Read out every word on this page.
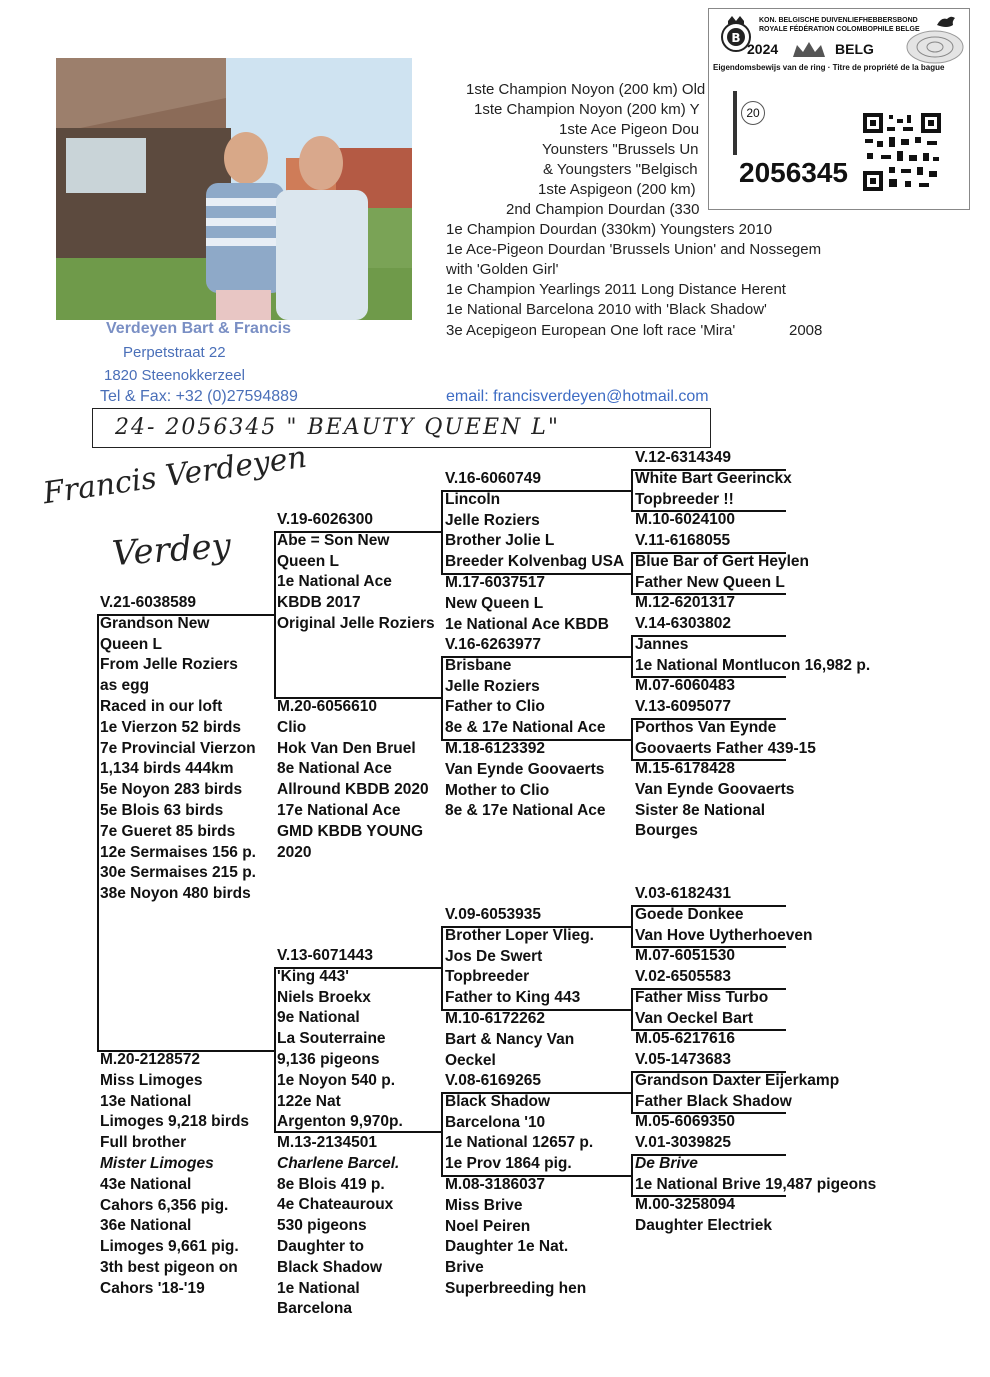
Verdeyen Bart & Francis
Perpetstraat 22
1820 Steenokkerzeel
Tel & Fax: +32 (0)27594889	email: francisverdeyen@hotmail.com
1ste Champion Noyon (200 km) Old
1ste Champion Noyon (200 km) Y
1ste Ace Pigeon Dou
Younsters "Brussels Un
& Youngsters "Belgisch
1ste Aspigeon (200 km)
2nd Champion Dourdan (330
1e Champion Dourdan (330km) Youngsters 2010
1e Ace-Pigeon Dourdan 'Brussels Union' and Nossegem
with 'Golden Girl'
1e Champion Yearlings 2011 Long Distance Herent
1e National Barcelona 2010 with 'Black Shadow'
3e Acepigeon European One loft race 'Mira'	2008
B
KON. BELGISCHE DUIVENLIEFHEBBERSBOND
ROYALE FÉDÉRATION COLOMBOPHILE BELGE
2024	BELG
Eigendomsbewijs van de ring · Titre de propriété de la bague
20
2056345
24- 2056345 " BEAUTY QUEEN L"
Francis Verdeyen
Verdey
V.21-6038589
Grandson New
Queen L
From Jelle Roziers
as egg
Raced in our loft
1e Vierzon 52 birds
7e Provincial Vierzon
1,134 birds 444km
5e Noyon 283 birds
5e Blois 63 birds
7e Gueret 85 birds
12e Sermaises 156 p.
30e Sermaises 215 p.
38e Noyon 480 birds
M.20-2128572
Miss Limoges
13e National
Limoges 9,218 birds
Full brother
Mister Limoges
43e National
Cahors 6,356 pig.
36e National
Limoges 9,661 pig.
3th best pigeon on
Cahors '18-'19
V.19-6026300
Abe = Son New
Queen L
1e National Ace
KBDB 2017
Original Jelle Roziers
M.20-6056610
Clio
Hok Van Den Bruel
8e National Ace
Allround KBDB 2020
17e National Ace
GMD KBDB YOUNG
2020
V.13-6071443
'King 443'
Niels Broekx
9e National
La Souterraine
9,136 pigeons
1e Noyon 540 p.
122e Nat
Argenton 9,970p.
M.13-2134501
Charlene Barcel.
8e Blois 419 p.
4e Chateauroux
530 pigeons
Daughter to
Black Shadow
1e National
Barcelona
V.16-6060749
Lincoln
Jelle Roziers
Brother Jolie L
Breeder Kolvenbag USA
M.17-6037517
New Queen L
1e National Ace KBDB
V.16-6263977
Brisbane
Jelle Roziers
Father to Clio
8e & 17e National Ace
M.18-6123392
Van Eynde Goovaerts
Mother to Clio
8e & 17e National Ace
V.09-6053935
Brother Loper Vlieg.
Jos De Swert
Topbreeder
Father to King 443
M.10-6172262
Bart & Nancy Van
Oeckel
V.08-6169265
Black Shadow
Barcelona '10
1e National 12657 p.
1e Prov 1864 pig.
M.08-3186037
Miss Brive
Noel Peiren
Daughter 1e Nat.
Brive
Superbreeding hen
V.12-6314349
White Bart Geerinckx
Topbreeder !!
M.10-6024100
V.11-6168055
Blue Bar of Gert Heylen
Father New Queen L
M.12-6201317
V.14-6303802
Jannes
1e National Montlucon 16,982 p.
M.07-6060483
V.13-6095077
Porthos Van Eynde
Goovaerts Father 439-15
M.15-6178428
Van Eynde Goovaerts
Sister 8e National
Bourges
V.03-6182431
Goede Donkee
Van Hove Uytherhoeven
M.07-6051530
V.02-6505583
Father Miss Turbo
Van Oeckel Bart
M.05-6217616
V.05-1473683
Grandson Daxter Eijerkamp
Father Black Shadow
M.05-6069350
V.01-3039825
De Brive
1e National Brive 19,487 pigeons
M.00-3258094
Daughter Electriek
